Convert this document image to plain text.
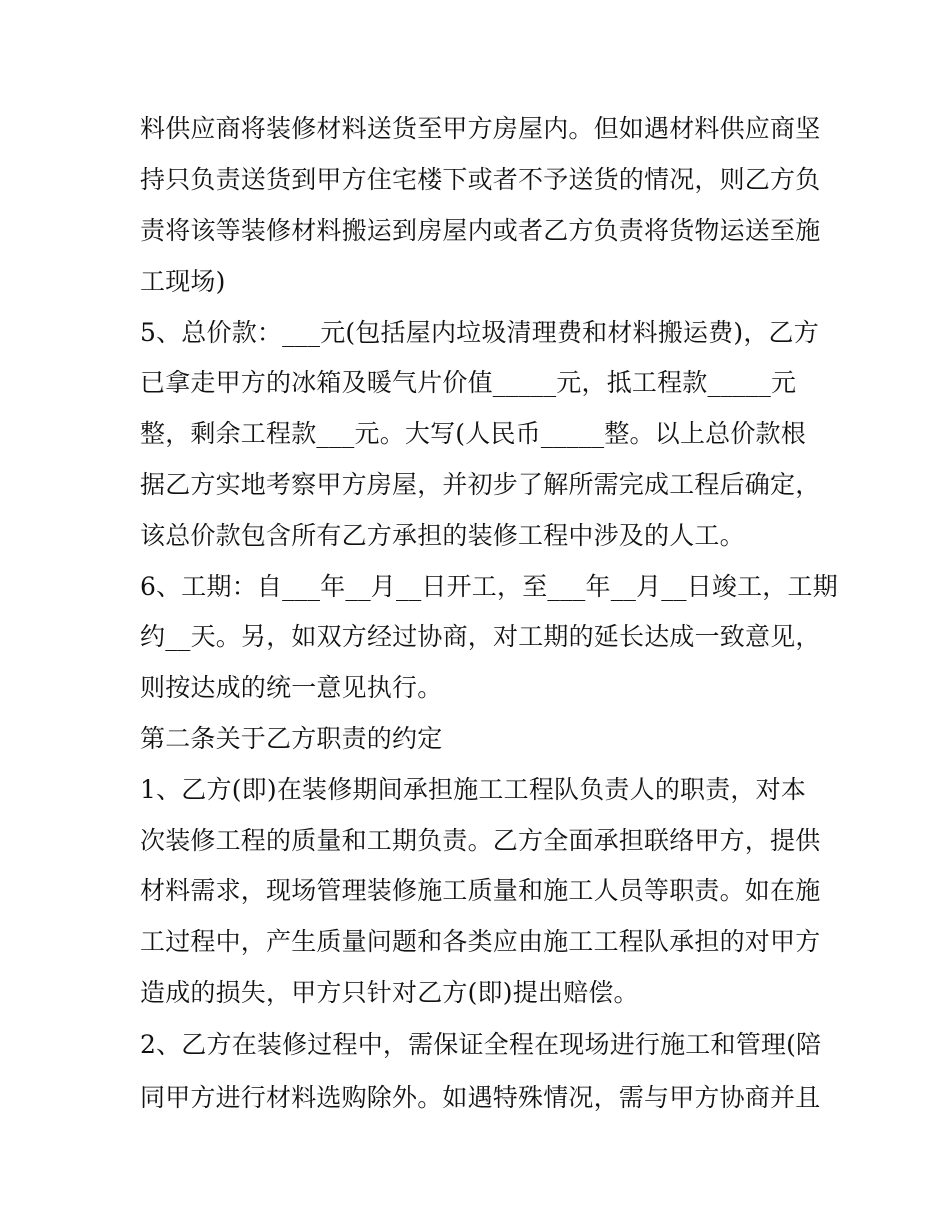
料供应商将装修材料送货至甲方房屋内。但如遇材料供应商坚
持只负责送货到甲方住宅楼下或者不予送货的情况，则乙方负
责将该等装修材料搬运到房屋内或者乙方负责将货物运送至施
工现场)
5、总价款：___元(包括屋内垃圾清理费和材料搬运费)，乙方
已拿走甲方的冰箱及暖气片价值_____元，抵工程款_____元
整，剩余工程款___元。大写(人民币_____整。以上总价款根
据乙方实地考察甲方房屋，并初步了解所需完成工程后确定，
该总价款包含所有乙方承担的装修工程中涉及的人工。
6、工期：自___年__月__日开工，至___年__月__日竣工，工期
约__天。另，如双方经过协商，对工期的延长达成一致意见，
则按达成的统一意见执行。
第二条关于乙方职责的约定
1、乙方(即)在装修期间承担施工工程队负责人的职责，对本
次装修工程的质量和工期负责。乙方全面承担联络甲方，提供
材料需求，现场管理装修施工质量和施工人员等职责。如在施
工过程中，产生质量问题和各类应由施工工程队承担的对甲方
造成的损失，甲方只针对乙方(即)提出赔偿。
2、乙方在装修过程中，需保证全程在现场进行施工和管理(陪
同甲方进行材料选购除外。如遇特殊情况，需与甲方协商并且
